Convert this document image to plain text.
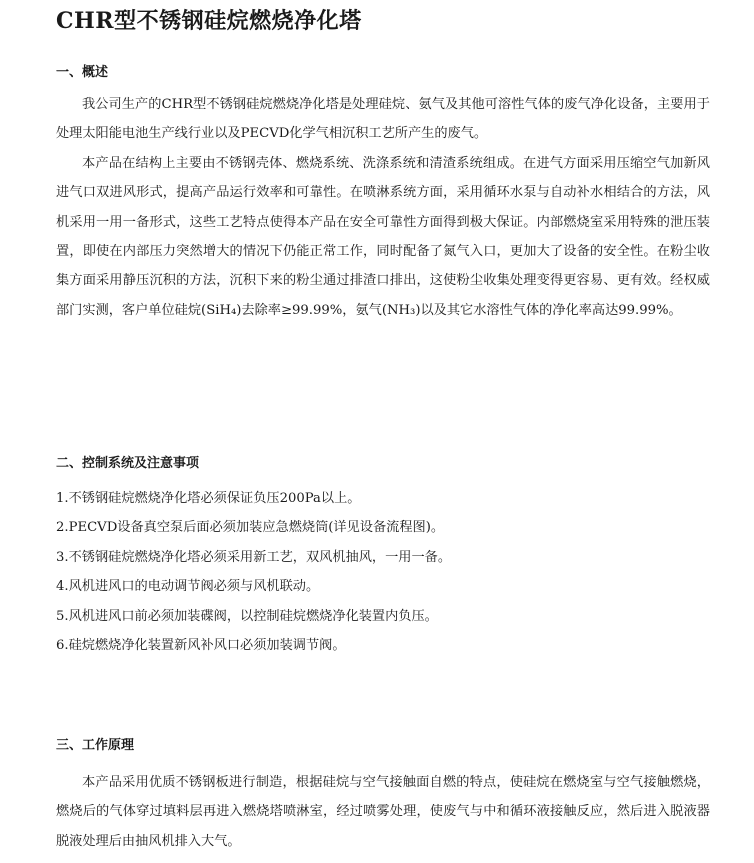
CHR型不锈钢硅烷燃烧净化塔
一、概述

我公司生产的CHR型不锈钢硅烷燃烧净化塔是处理硅烷、氨气及其他可溶性气体的废气净化设备，主要用于处理太阳能电池生产线行业以及PECVD化学气相沉积工艺所产生的废气。

本产品在结构上主要由不锈钢壳体、燃烧系统、洗涤系统和清渣系统组成。在进气方面采用压缩空气加新风进气口双进风形式，提高产品运行效率和可靠性。在喷淋系统方面，采用循环水泵与自动补水相结合的方法，风机采用一用一备形式，这些工艺特点使得本产品在安全可靠性方面得到极大保证。内部燃烧室采用特殊的泄压装置，即使在内部压力突然增大的情况下仍能正常工作，同时配备了氮气入口，更加大了设备的安全性。在粉尘收集方面采用静压沉积的方法，沉积下来的粉尘通过排渣口排出，这使粉尘收集处理变得更容易、更有效。经权威部门实测，客户单位硅烷(SiH₄)去除率≥99.99%，氨气(NH₃)以及其它水溶性气体的净化率高达99.99%。

二、控制系统及注意事项
1.不锈钢硅烷燃烧净化塔必须保证负压200Pa以上。
2.PECVD设备真空泵后面必须加装应急燃烧筒(详见设备流程图)。
3.不锈钢硅烷燃烧净化塔必须采用新工艺，双风机抽风，一用一备。
4.风机进风口的电动调节阀必须与风机联动。
5.风机进风口前必须加装碟阀，以控制硅烷燃烧净化装置内负压。
6.硅烷燃烧净化装置新风补风口必须加装调节阀。
三、工作原理

本产品采用优质不锈钢板进行制造，根据硅烷与空气接触面自燃的特点，使硅烷在燃烧室与空气接触燃烧，燃烧后的气体穿过填料层再进入燃烧塔喷淋室，经过喷雾处理，使废气与中和循环液接触反应，然后进入脱液器脱液处理后由抽风机排入大气。
